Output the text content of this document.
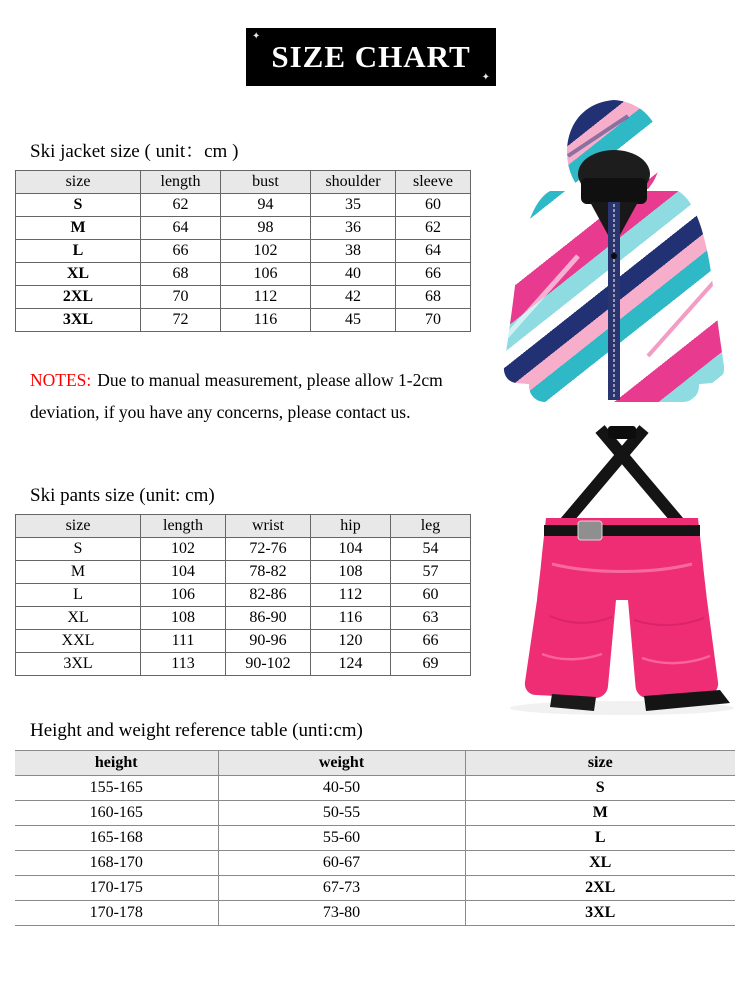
✦
SIZE CHART
✦
Ski jacket size ( unit：cm )
size	length	bust	shoulder	sleeve
S	62	94	35	60
M	64	98	36	62
L	66	102	38	64
XL	68	106	40	66
2XL	70	112	42	68
3XL	72	116	45	70

NOTES: Due to manual measurement, please allow 1-2cm
deviation, if you have any concerns, please contact us.

Ski pants size (unit: cm)
size	length	wrist	hip	leg
S	102	72-76	104	54
M	104	78-82	108	57
L	106	82-86	112	60
XL	108	86-90	116	63
XXL	111	90-96	120	66
3XL	113	90-102	124	69
Height and weight reference table (unti:cm)
height	weight	size
155-165	40-50	S
160-165	50-55	M
165-168	55-60	L
168-170	60-67	XL
170-175	67-73	2XL
170-178	73-80	3XL
